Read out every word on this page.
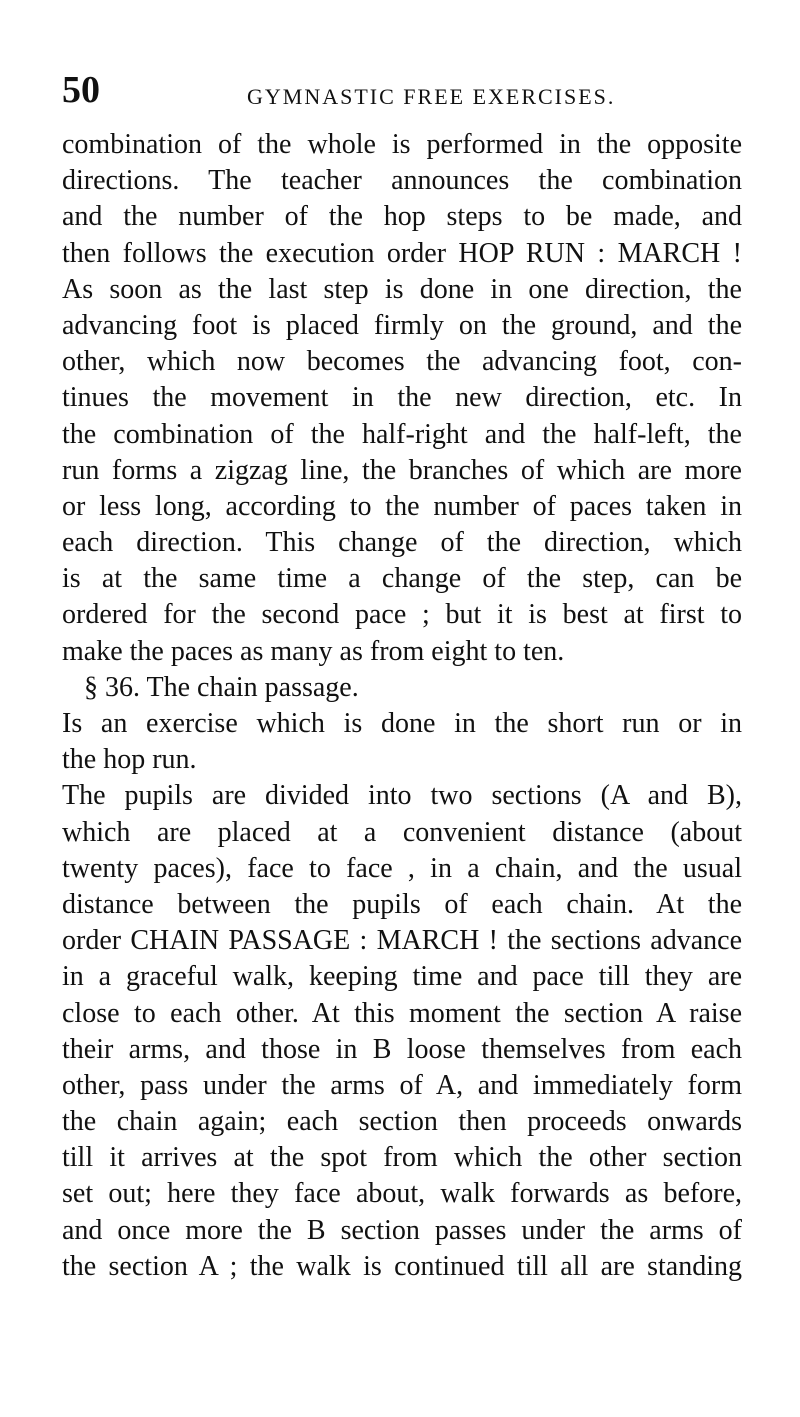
50	GYMNASTIC FREE EXERCISES.
combination of the whole is performed in the opposite
directions. The teacher announces the combination
and the number of the hop steps to be made, and
then follows the execution order HOP RUN : MARCH !
As soon as the last step is done in one direction, the
advancing foot is placed firmly on the ground, and the
other, which now becomes the advancing foot, con-
tinues the movement in the new direction, etc. In
the combination of the half-right and the half-left, the
run forms a zigzag line, the branches of which are more
or less long, according to the number of paces taken in
each direction. This change of the direction, which
is at the same time a change of the step, can be
ordered for the second pace ; but it is best at first to
make the paces as many as from eight to ten.
§ 36. The chain passage.
Is an exercise which is done in the short run or in
the hop run.
The pupils are divided into two sections (A and B),
which are placed at a convenient distance (about
twenty paces), face to face , in a chain, and the usual
distance between the pupils of each chain. At the
order CHAIN PASSAGE : MARCH ! the sections advance
in a graceful walk, keeping time and pace till they are
close to each other. At this moment the section A raise
their arms, and those in B loose themselves from each
other, pass under the arms of A, and immediately form
the chain again; each section then proceeds onwards
till it arrives at the spot from which the other section
set out; here they face about, walk forwards as before,
and once more the B section passes under the arms of
the section A ; the walk is continued till all are standing
